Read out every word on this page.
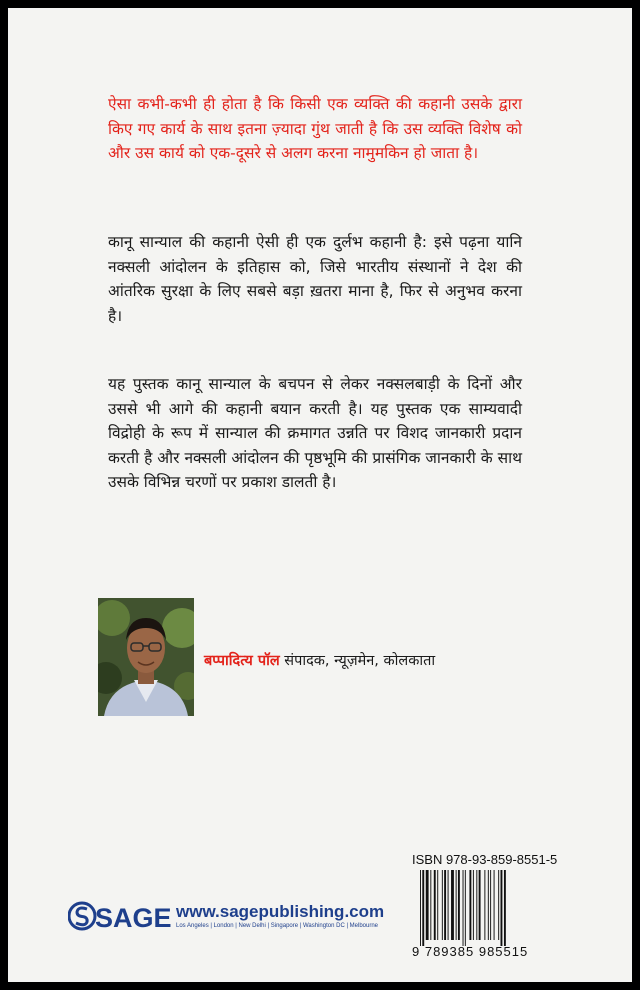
ऐसा कभी-कभी ही होता है कि किसी एक व्यक्ति की कहानी उसके द्वारा किए गए कार्य के साथ इतना ज़्यादा गुंथ जाती है कि उस व्यक्ति विशेष को और उस कार्य को एक-दूसरे से अलग करना नामुमकिन हो जाता है।

कानू सान्याल की कहानी ऐसी ही एक दुर्लभ कहानी है: इसे पढ़ना यानि नक्सली आंदोलन के इतिहास को, जिसे भारतीय संस्थानों ने देश की आंतरिक सुरक्षा के लिए सबसे बड़ा ख़तरा माना है, फिर से अनुभव करना है।

यह पुस्तक कानू सान्याल के बचपन से लेकर नक्सलबाड़ी के दिनों और उससे भी आगे की कहानी बयान करती है। यह पुस्तक एक साम्यवादी विद्रोही के रूप में सान्याल की क्रमागत उन्नति पर विशद जानकारी प्रदान करती है और नक्सली आंदोलन की पृष्ठभूमि की प्रासंगिक जानकारी के साथ उसके विभिन्न चरणों पर प्रकाश डालती है।

बप्पादित्य पॉल संपादक, न्यूज़मेन, कोलकाता
SAGE www.sagepublishing.com
Los Angeles | London | New Delhi | Singapore | Washington DC | Melbourne
ISBN 978-93-859-8551-5
9 789385 985515
